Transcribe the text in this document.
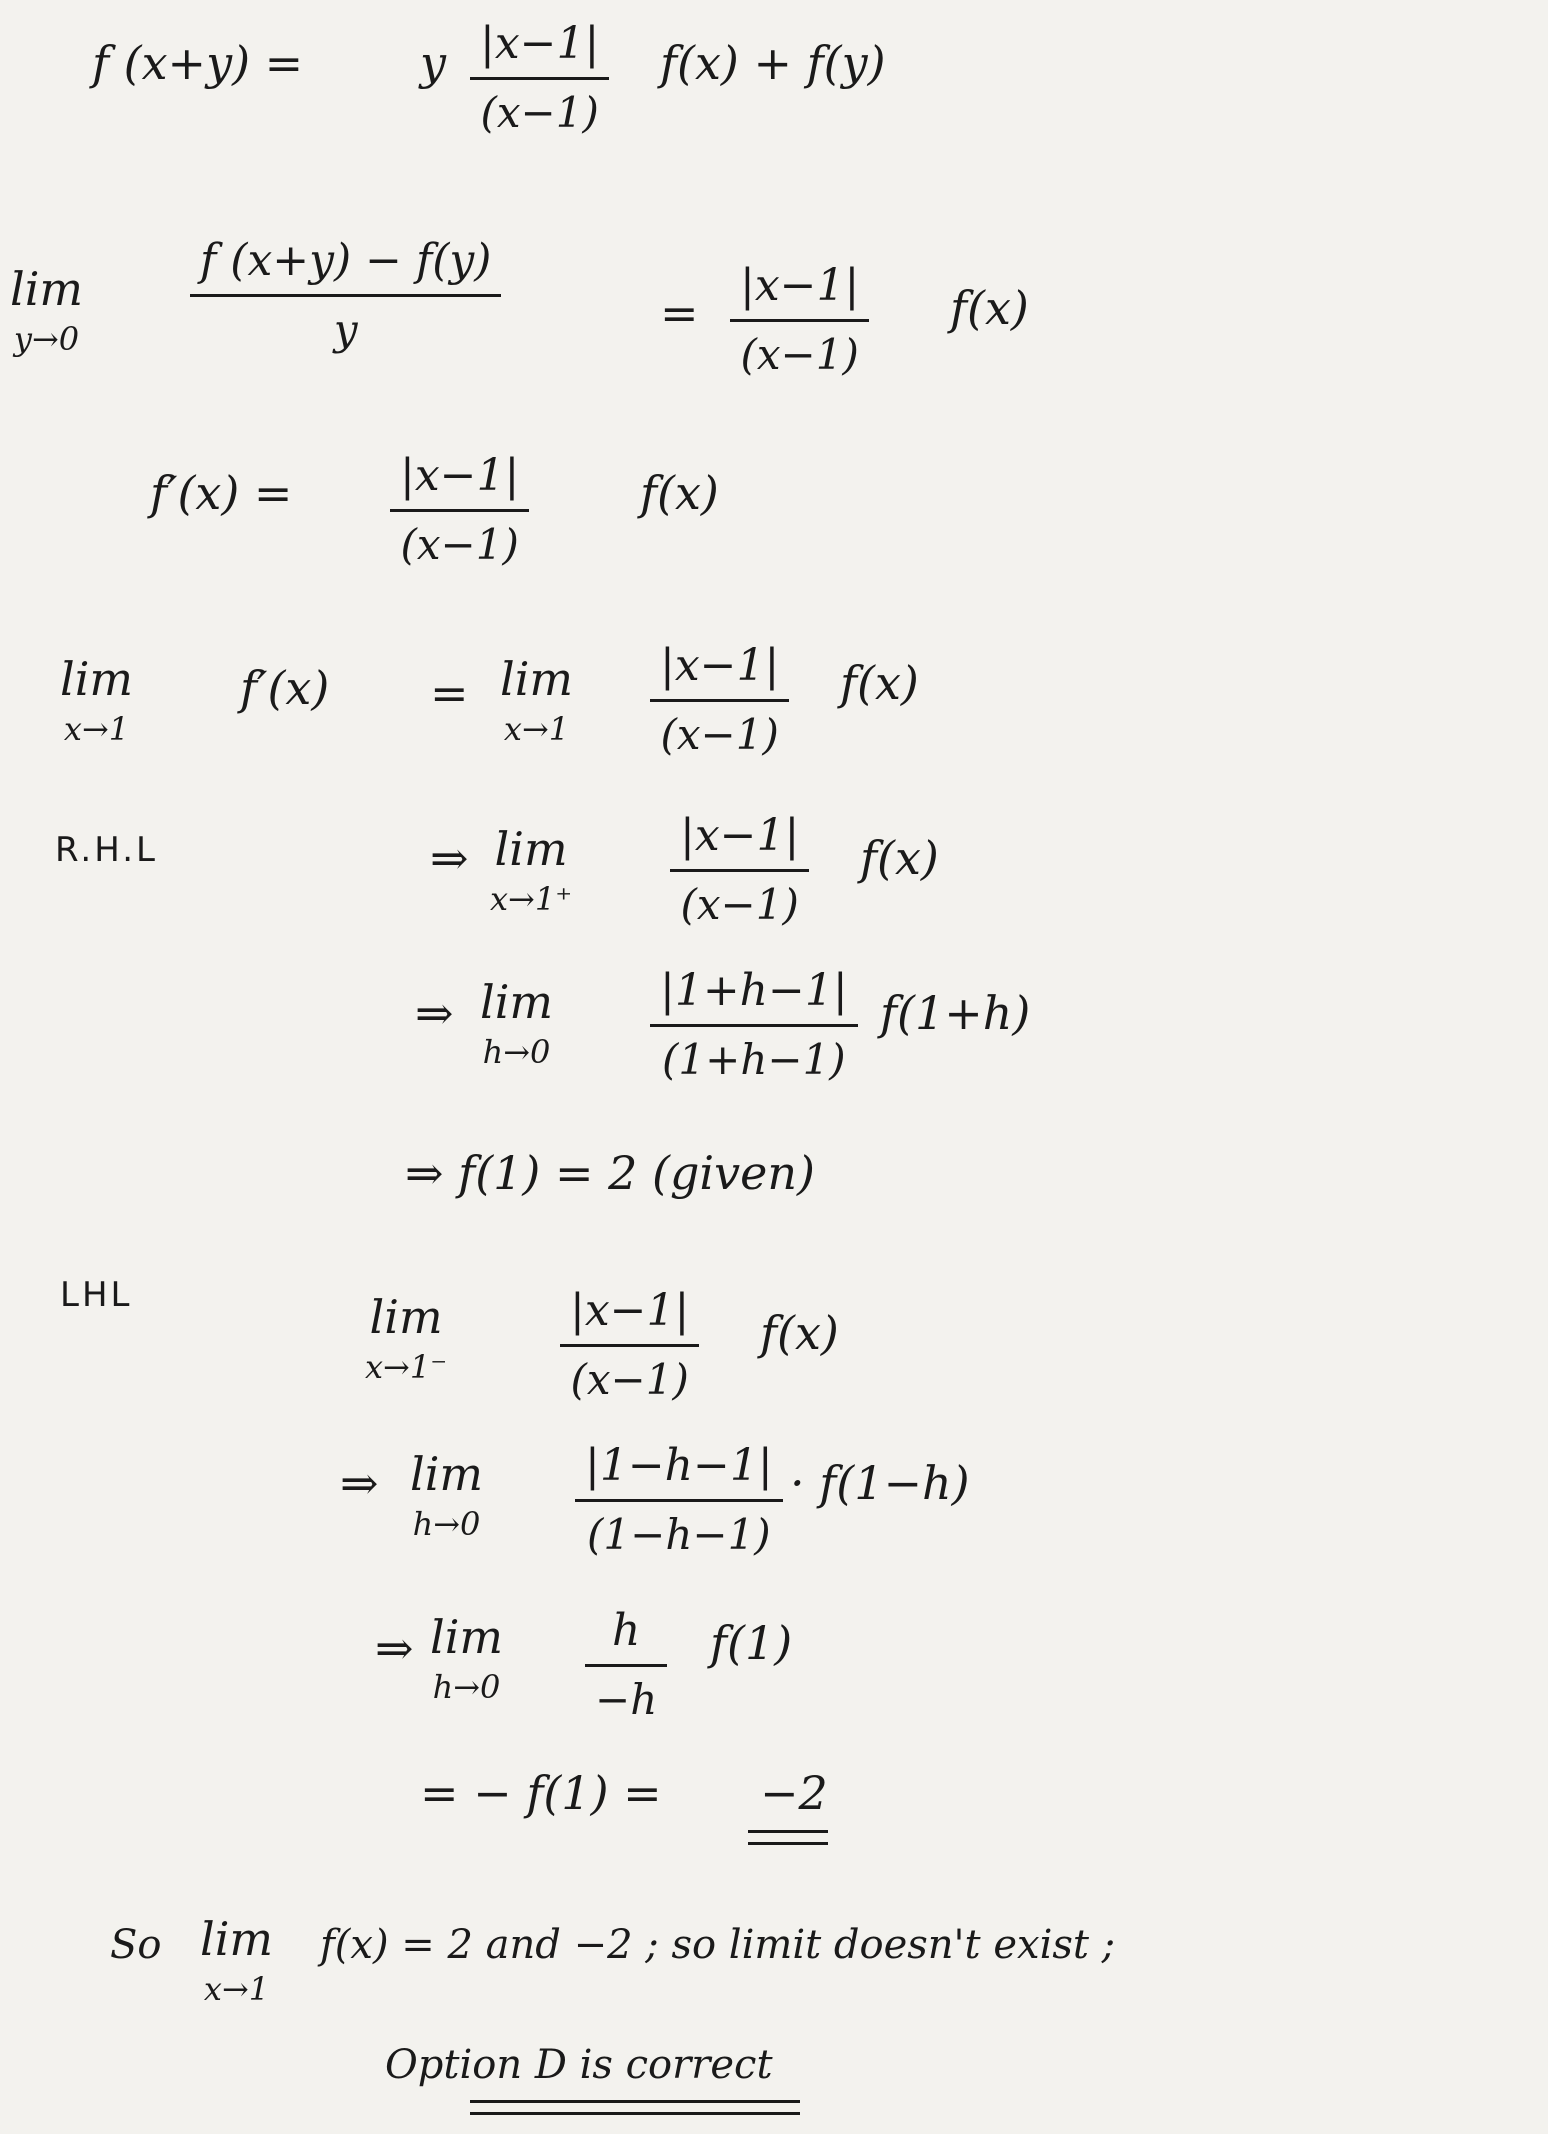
f (x+y) =	y |x−1|
(x−1)
f(x) + f(y)
lim
y→0
f (x+y) − f(y)
y	=
|x−1|
(x−1)
f(x)
f′(x) = |x−1|
(x−1)
f(x)
lim
x→1
f′(x) = lim
x→1
|x−1|
(x−1)
f(x)
R.H.L	⇒ lim
x→1⁺
|x−1|
(x−1)
f(x)
⇒ lim
h→0
|1+h−1|
(1+h−1)
f(1+h)
⇒ f(1) = 2 (given)
LHL	lim
x→1⁻
|x−1|
(x−1)
f(x)
⇒ lim
h→0
|1−h−1|
(1−h−1)
· f(1−h)
⇒ lim
h→0
h
−h
f(1)
= − f(1) = −2
So lim
x→1
f(x) = 2 and −2 ; so limit doesn't exist ;
Option D is correct
